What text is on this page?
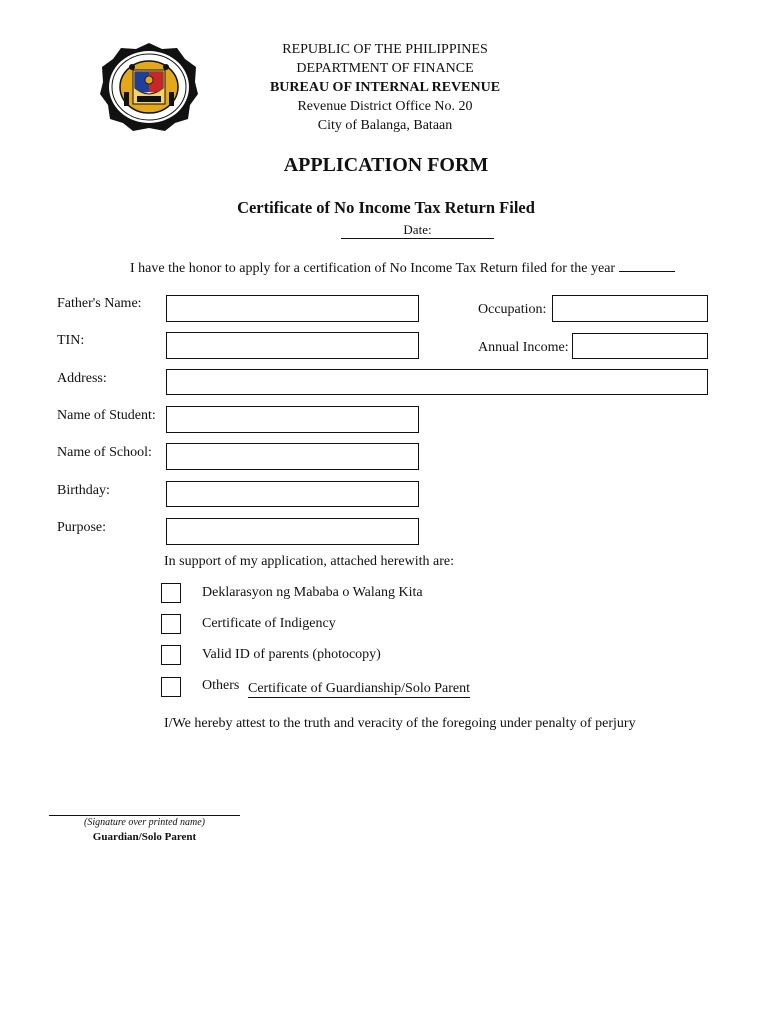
REPUBLIC OF THE PHILIPPINES
DEPARTMENT OF FINANCE
BUREAU OF INTERNAL REVENUE
Revenue District Office No. 20
City of Balanga, Bataan
APPLICATION FORM
Certificate of No Income Tax Return Filed
Date:
I have the honor to apply for a certification of No Income Tax Return filed for the year
Father's Name:	Occupation:
TIN:	Annual Income:
Address:
Name of Student:
Name of School:
Birthday:
Purpose:
In support of my application, attached herewith are:
Deklarasyon ng Mababa o Walang Kita
Certificate of Indigency
Valid ID of parents (photocopy)
Others Certificate of Guardianship/Solo Parent
I/We hereby attest to the truth and veracity of the foregoing under penalty of perjury
(Signature over printed name)
Guardian/Solo Parent
